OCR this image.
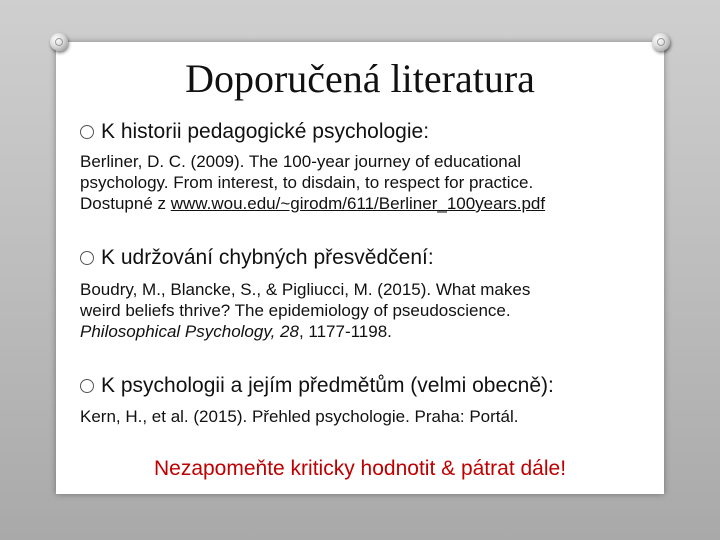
Doporučená literatura
K historii pedagogické psychologie:
Berliner, D. C. (2009). The 100-year journey of educational
psychology. From interest, to disdain, to respect for practice.
Dostupné z www.wou.edu/~girodm/611/Berliner_100years.pdf
K udržování chybných přesvědčení:
Boudry, M., Blancke, S., & Pigliucci, M. (2015). What makes
weird beliefs thrive? The epidemiology of pseudoscience.
Philosophical Psychology, 28, 1177-1198.
K psychologii a jejím předmětům (velmi obecně):
Kern, H., et al. (2015). Přehled psychologie. Praha: Portál.
Nezapomeňte kriticky hodnotit & pátrat dále!
